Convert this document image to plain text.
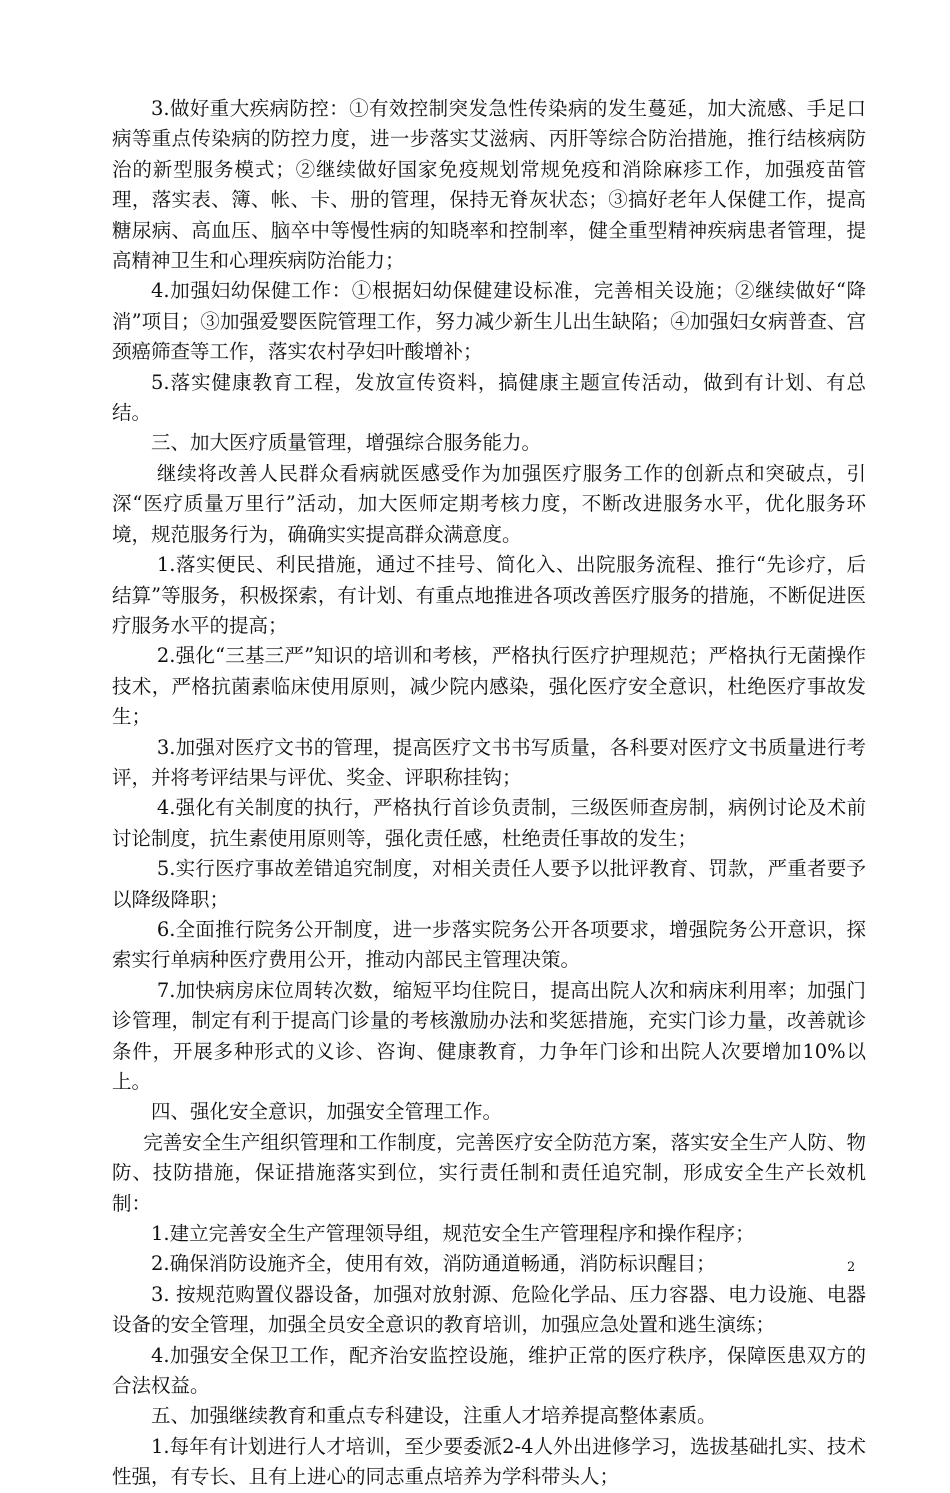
3.做好重大疾病防控：①有效控制突发急性传染病的发生蔓延，加大流感、手足口病等重点传染病的防控力度，进一步落实艾滋病、丙肝等综合防治措施，推行结核病防治的新型服务模式；②继续做好国家免疫规划常规免疫和消除麻疹工作，加强疫苗管理，落实表、簿、帐、卡、册的管理，保持无脊灰状态；③搞好老年人保健工作，提高糖尿病、高血压、脑卒中等慢性病的知晓率和控制率，健全重型精神疾病患者管理，提高精神卫生和心理疾病防治能力；

4.加强妇幼保健工作：①根据妇幼保健建设标准，完善相关设施；②继续做好“降消”项目；③加强爱婴医院管理工作，努力减少新生儿出生缺陷；④加强妇女病普查、宫颈癌筛查等工作，落实农村孕妇叶酸增补；

5.落实健康教育工程，发放宣传资料，搞健康主题宣传活动，做到有计划、有总结。

三、加大医疗质量管理，增强综合服务能力。

继续将改善人民群众看病就医感受作为加强医疗服务工作的创新点和突破点，引深“医疗质量万里行”活动，加大医师定期考核力度，不断改进服务水平，优化服务环境，规范服务行为，确确实实提高群众满意度。

1.落实便民、利民措施，通过不挂号、简化入、出院服务流程、推行“先诊疗，后结算”等服务，积极探索，有计划、有重点地推进各项改善医疗服务的措施，不断促进医疗服务水平的提高；

2.强化“三基三严”知识的培训和考核，严格执行医疗护理规范；严格执行无菌操作技术，严格抗菌素临床使用原则，减少院内感染，强化医疗安全意识，杜绝医疗事故发生；

3.加强对医疗文书的管理，提高医疗文书书写质量，各科要对医疗文书质量进行考评，并将考评结果与评优、奖金、评职称挂钩；

4.强化有关制度的执行，严格执行首诊负责制，三级医师查房制，病例讨论及术前讨论制度，抗生素使用原则等，强化责任感，杜绝责任事故的发生；

5.实行医疗事故差错追究制度，对相关责任人要予以批评教育、罚款，严重者要予以降级降职；

6.全面推行院务公开制度，进一步落实院务公开各项要求，增强院务公开意识，探索实行单病种医疗费用公开，推动内部民主管理决策。

7.加快病房床位周转次数，缩短平均住院日，提高出院人次和病床利用率；加强门诊管理，制定有利于提高门诊量的考核激励办法和奖惩措施，充实门诊力量，改善就诊条件，开展多种形式的义诊、咨询、健康教育，力争年门诊和出院人次要增加10%以上。

四、强化安全意识，加强安全管理工作。

完善安全生产组织管理和工作制度，完善医疗安全防范方案，落实安全生产人防、物防、技防措施，保证措施落实到位，实行责任制和责任追究制，形成安全生产长效机制：

1.建立完善安全生产管理领导组，规范安全生产管理程序和操作程序；

2.确保消防设施齐全，使用有效，消防通道畅通，消防标识醒目；

3. 按规范购置仪器设备，加强对放射源、危险化学品、压力容器、电力设施、电器设备的安全管理，加强全员安全意识的教育培训，加强应急处置和逃生演练；

4.加强安全保卫工作，配齐治安监控设施，维护正常的医疗秩序，保障医患双方的合法权益。

五、加强继续教育和重点专科建设，注重人才培养提高整体素质。

1.每年有计划进行人才培训，至少要委派2-4人外出进修学习，选拔基础扎实、技术性强，有专长、且有上进心的同志重点培养为学科带头人；

2
